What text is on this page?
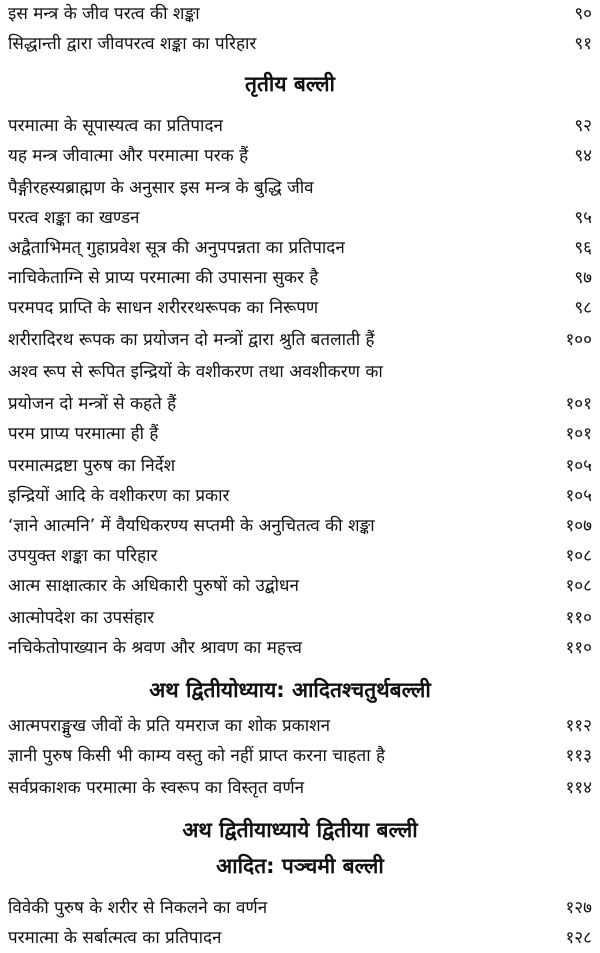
इस मन्त्र के जीव परत्व की शङ्का	९०
सिद्धान्ती द्वारा जीवपरत्व शङ्का का परिहार	९१
तृतीय बल्ली
परमात्मा के सूपास्यत्व का प्रतिपादन	९२
यह मन्त्र जीवात्मा और परमात्मा परक हैं	९४
पैङ्गीरहस्यब्राह्मण के अनुसार इस मन्त्र के बुद्धि जीव
परत्व शङ्का का खण्डन	९५
अद्वैताभिमत् गुहाप्रवेश सूत्र की अनुपपन्नता का प्रतिपादन	९६
नाचिकेताग्नि से प्राप्य परमात्मा की उपासना सुकर है	९७
परमपद प्राप्ति के साधन शरीररथरूपक का निरूपण	९८
शरीरादिरथ रूपक का प्रयोजन दो मन्त्रों द्वारा श्रुति बतलाती हैं	१००
अश्व रूप से रूपित इन्द्रियों के वशीकरण तथा अवशीकरण का
प्रयोजन दो मन्त्रों से कहते हैं	१०१
परम प्राप्य परमात्मा ही हैं	१०१
परमात्मद्रष्टा पुरुष का निर्देश	१०५
इन्द्रियों आदि के वशीकरण का प्रकार	१०५
‘ज्ञाने आत्मनि’ में वैयधिकरण्य सप्तमी के अनुचितत्व की शङ्का	१०७
उपयुक्त शङ्का का परिहार	१०८
आत्म साक्षात्कार के अधिकारी पुरुषों को उद्बोधन	१०८
आत्मोपदेश का उपसंहार	११०
नचिकेतोपाख्यान के श्रवण और श्रावण का महत्त्व	११०
अथ द्वितीयोध्याय: आदितश्चतुर्थबल्ली
आत्मपराङ्मुख जीवों के प्रति यमराज का शोक प्रकाशन	११२
ज्ञानी पुरुष किसी भी काम्य वस्तु को नहीं प्राप्त करना चाहता है	११३
सर्वप्रकाशक परमात्मा के स्वरूप का विस्तृत वर्णन	११४
अथ द्वितीयाध्याये द्वितीया बल्ली
आदित: पञ्चमी बल्ली
विवेकी पुरुष के शरीर से निकलने का वर्णन	१२७
परमात्मा के सर्बात्मत्व का प्रतिपादन	१२८
